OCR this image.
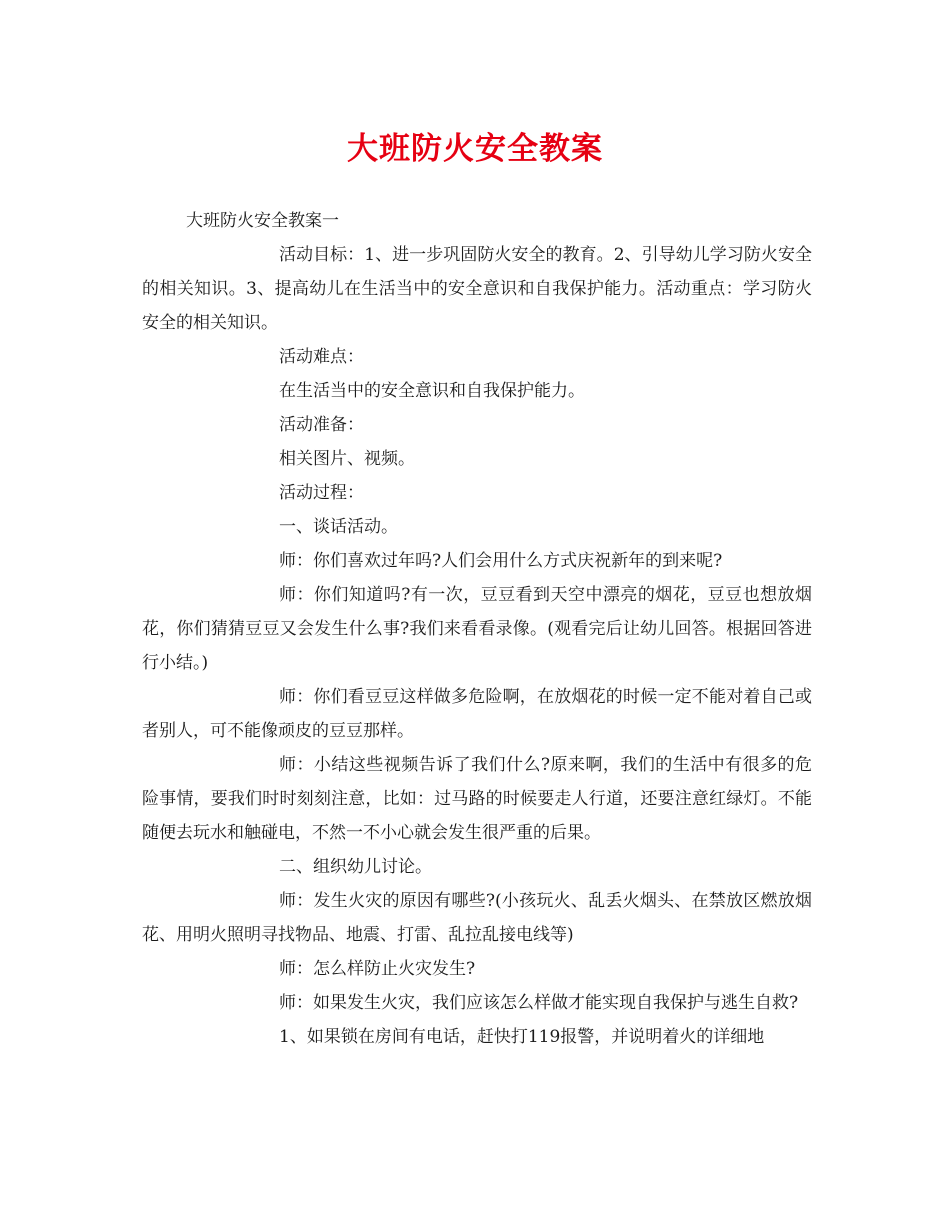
大班防火安全教案

大班防火安全教案一

活动目标：1、进一步巩固防火安全的教育。2、引导幼儿学习防火安全的相关知识。3、提高幼儿在生活当中的安全意识和自我保护能力。活动重点：学习防火安全的相关知识。

活动难点：

在生活当中的安全意识和自我保护能力。

活动准备：

相关图片、视频。

活动过程：

一、谈话活动。

师：你们喜欢过年吗?人们会用什么方式庆祝新年的到来呢?

师：你们知道吗?有一次，豆豆看到天空中漂亮的烟花，豆豆也想放烟花，你们猜猜豆豆又会发生什么事?我们来看看录像。(观看完后让幼儿回答。根据回答进行小结。)

师：你们看豆豆这样做多危险啊，在放烟花的时候一定不能对着自己或者别人，可不能像顽皮的豆豆那样。

师：小结这些视频告诉了我们什么?原来啊，我们的生活中有很多的危险事情，要我们时时刻刻注意，比如：过马路的时候要走人行道，还要注意红绿灯。不能随便去玩水和触碰电，不然一不小心就会发生很严重的后果。

二、组织幼儿讨论。

师：发生火灾的原因有哪些?(小孩玩火、乱丢火烟头、在禁放区燃放烟花、用明火照明寻找物品、地震、打雷、乱拉乱接电线等)

师：怎么样防止火灾发生?

师：如果发生火灾，我们应该怎么样做才能实现自我保护与逃生自救?

1、如果锁在房间有电话，赶快打119报警，并说明着火的详细地
